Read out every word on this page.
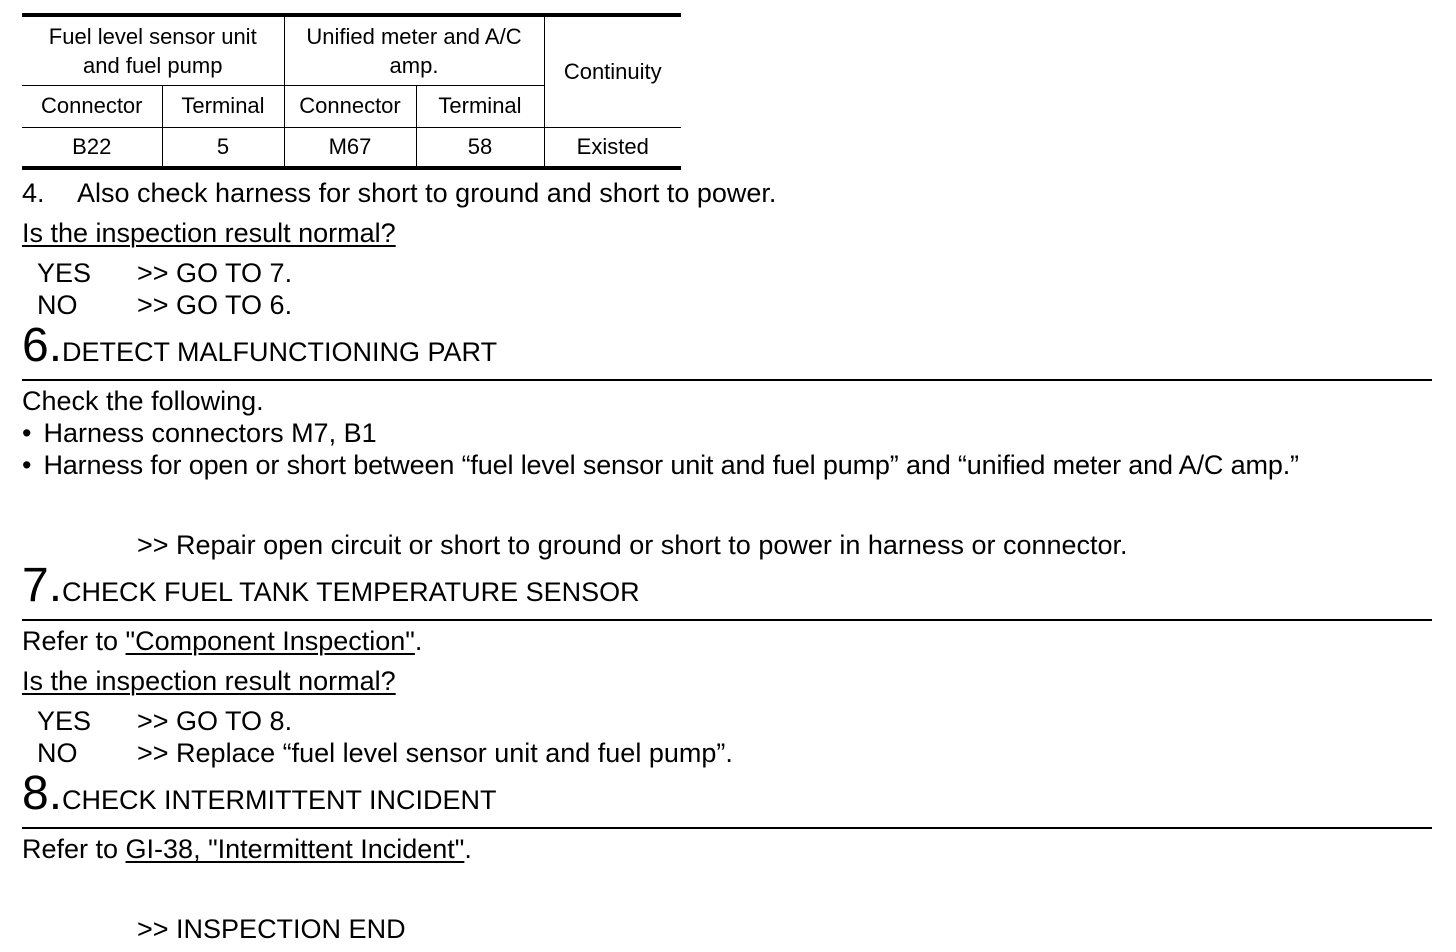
Fuel level sensor unit and fuel pump		Unified meter and A/C amp.		Continuity
Connector	Terminal	Connector	Terminal	
B22	5	M67	58	Existed
4. Also check harness for short to ground and short to power.
Is the inspection result normal?
YES >> GO TO 7.
NO >> GO TO 6.
6.DETECT MALFUNCTIONING PART
Check the following.
• Harness connectors M7, B1
• Harness for open or short between “fuel level sensor unit and fuel pump” and “unified meter and A/C amp.”
>> Repair open circuit or short to ground or short to power in harness or connector.
7.CHECK FUEL TANK TEMPERATURE SENSOR
Refer to "Component Inspection".
Is the inspection result normal?
YES >> GO TO 8.
NO >> Replace “fuel level sensor unit and fuel pump”.
8.CHECK INTERMITTENT INCIDENT
Refer to GI-38, "Intermittent Incident".
>> INSPECTION END
